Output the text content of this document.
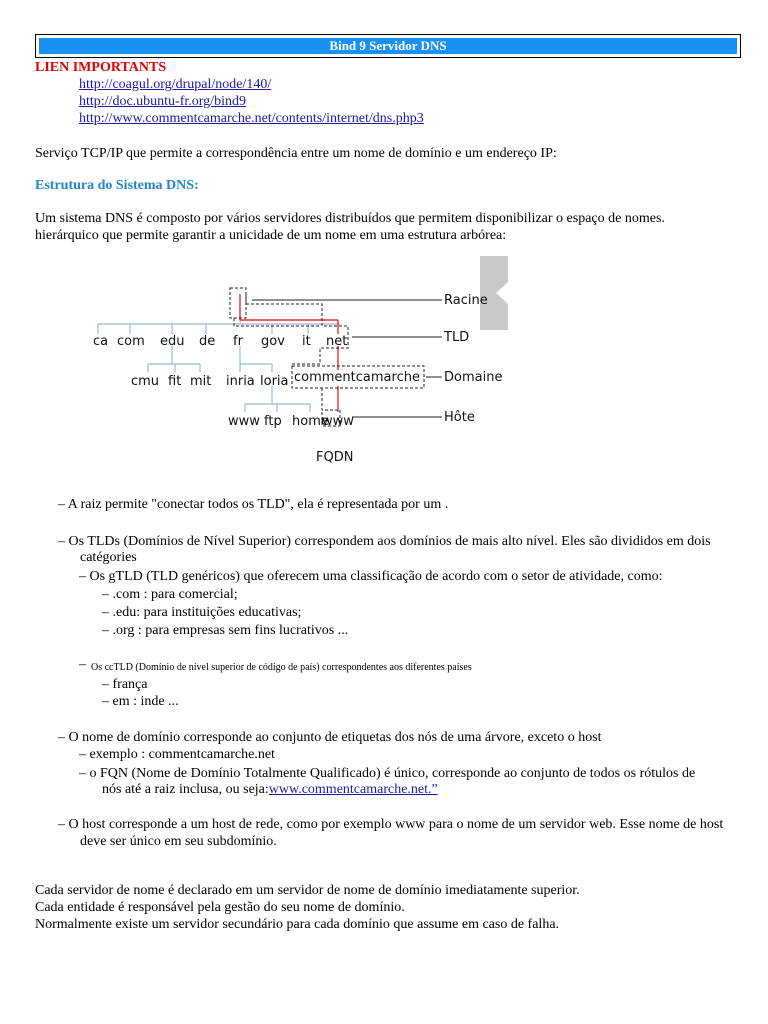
Bind 9 Servidor DNS
LIEN IMPORTANTS
http://coagul.org/drupal/node/140/
http://doc.ubuntu-fr.org/bind9
http://www.commentcamarche.net/contents/internet/dns.php3
Serviço TCP/IP que permite a correspondência entre um nome de domínio e um endereço IP:
Estrutura do Sistema DNS:
Um sistema DNS é composto por vários servidores distribuídos que permitem disponibilizar o espaço de nomes.
hierárquico que permite garantir a unicidade de um nome em uma estrutura arbórea:
ca com edu de fr gov it net
cmu fit mit inria loria
www ftp home
www
commentcamarche
FQDN
Racine
TLD
Domaine
Hôte
– A raiz permite "conectar todos os TLD", ela é representada por um .
– Os TLDs (Domínios de Nível Superior) correspondem aos domínios de mais alto nível. Eles são divididos em dois
catégories
– Os gTLD (TLD genéricos) que oferecem uma classificação de acordo com o setor de atividade, como:
– .com : para comercial;
– .edu: para instituições educativas;
– .org : para empresas sem fins lucrativos ...
– Os ccTLD (Domínio de nível superior de código de país) correspondentes aos diferentes países
– frança
– em : inde ...
– O nome de domínio corresponde ao conjunto de etiquetas dos nós de uma árvore, exceto o host
– exemplo : commentcamarche.net
– o FQN (Nome de Domínio Totalmente Qualificado) é único, corresponde ao conjunto de todos os rótulos de
nós até a raiz inclusa, ou seja:www.commentcamarche.net.”
– O host corresponde a um host de rede, como por exemplo www para o nome de um servidor web. Esse nome de host
deve ser único em seu subdomínio.
Cada servidor de nome é declarado em um servidor de nome de domínio imediatamente superior.
Cada entidade é responsável pela gestão do seu nome de domínio.
Normalmente existe um servidor secundário para cada domínio que assume em caso de falha.
